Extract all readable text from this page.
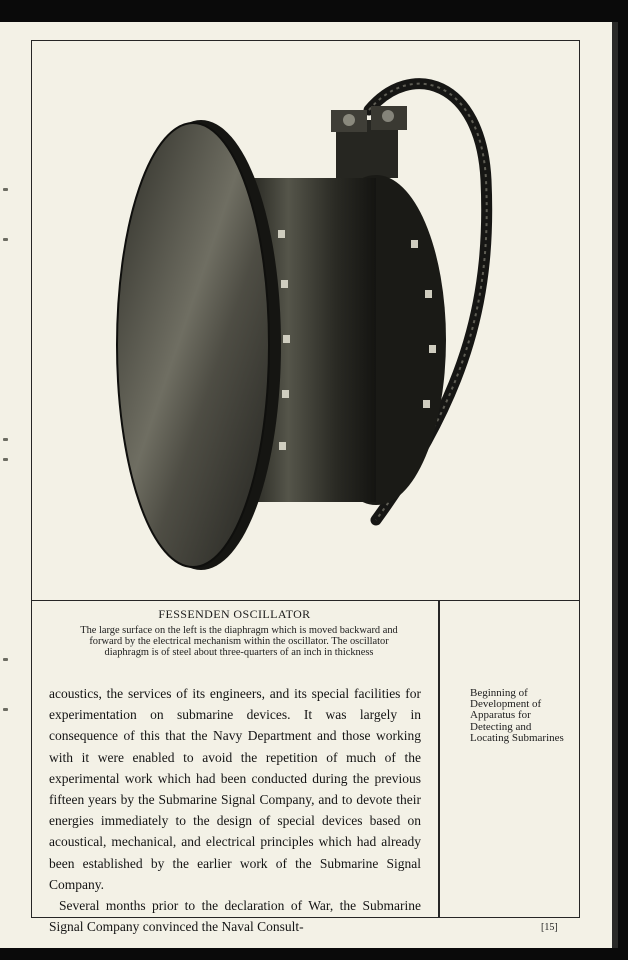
FESSENDEN OSCILLATOR
The large surface on the left is the diaphragm which is moved backward and forward by the electrical mechanism within the oscillator. The oscillator diaphragm is of steel about three-quarters of an inch in thickness
Beginning of Development of Apparatus for Detecting and Locating Submarines

acoustics, the services of its engineers, and its special facilities for experimentation on submarine devices. It was largely in consequence of this that the Navy Department and those working with it were enabled to avoid the repetition of much of the experimental work which had been conducted during the previous fifteen years by the Submarine Signal Company, and to devote their energies immediately to the design of special devices based on acoustical, mechanical, and electrical principles which had already been established by the earlier work of the Submarine Signal Company.

Several months prior to the declaration of War, the Submarine Signal Company convinced the Naval Consult-	[15]
